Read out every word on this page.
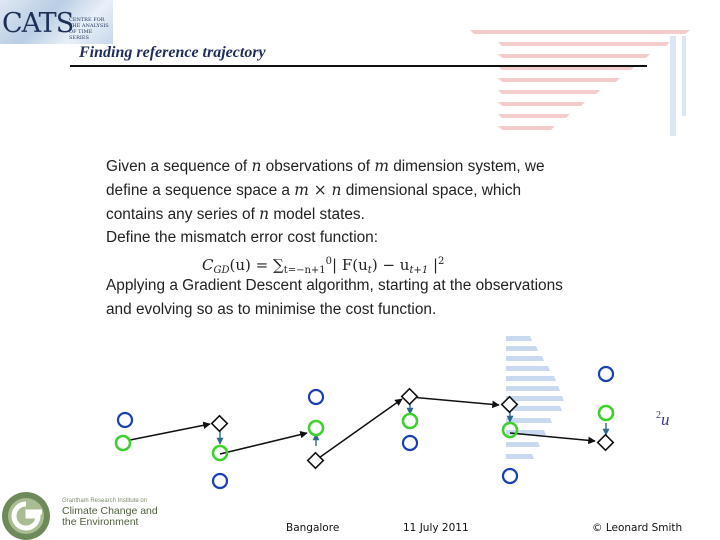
CATS
CENTRE FOR
THE ANALYSIS
OF TIME SERIES
Finding reference trajectory
Given a sequence of n observations of m dimension system, we
define a sequence space a m × n dimensional space, which
contains any series of n model states.
Define the mismatch error cost function:
$C_{GD}(u) = \sum_{t=-n+1}^0|$ $F(u_t) - u_{t+1}$ $|^2$
Applying a Gradient Descent algorithm, starting at the observations
and evolving so as to minimise the cost function.
$^2$u
Grantham Research Institute on
Climate Change and
the Environment	Bangalore	11 July 2011	© Leonard Smith
